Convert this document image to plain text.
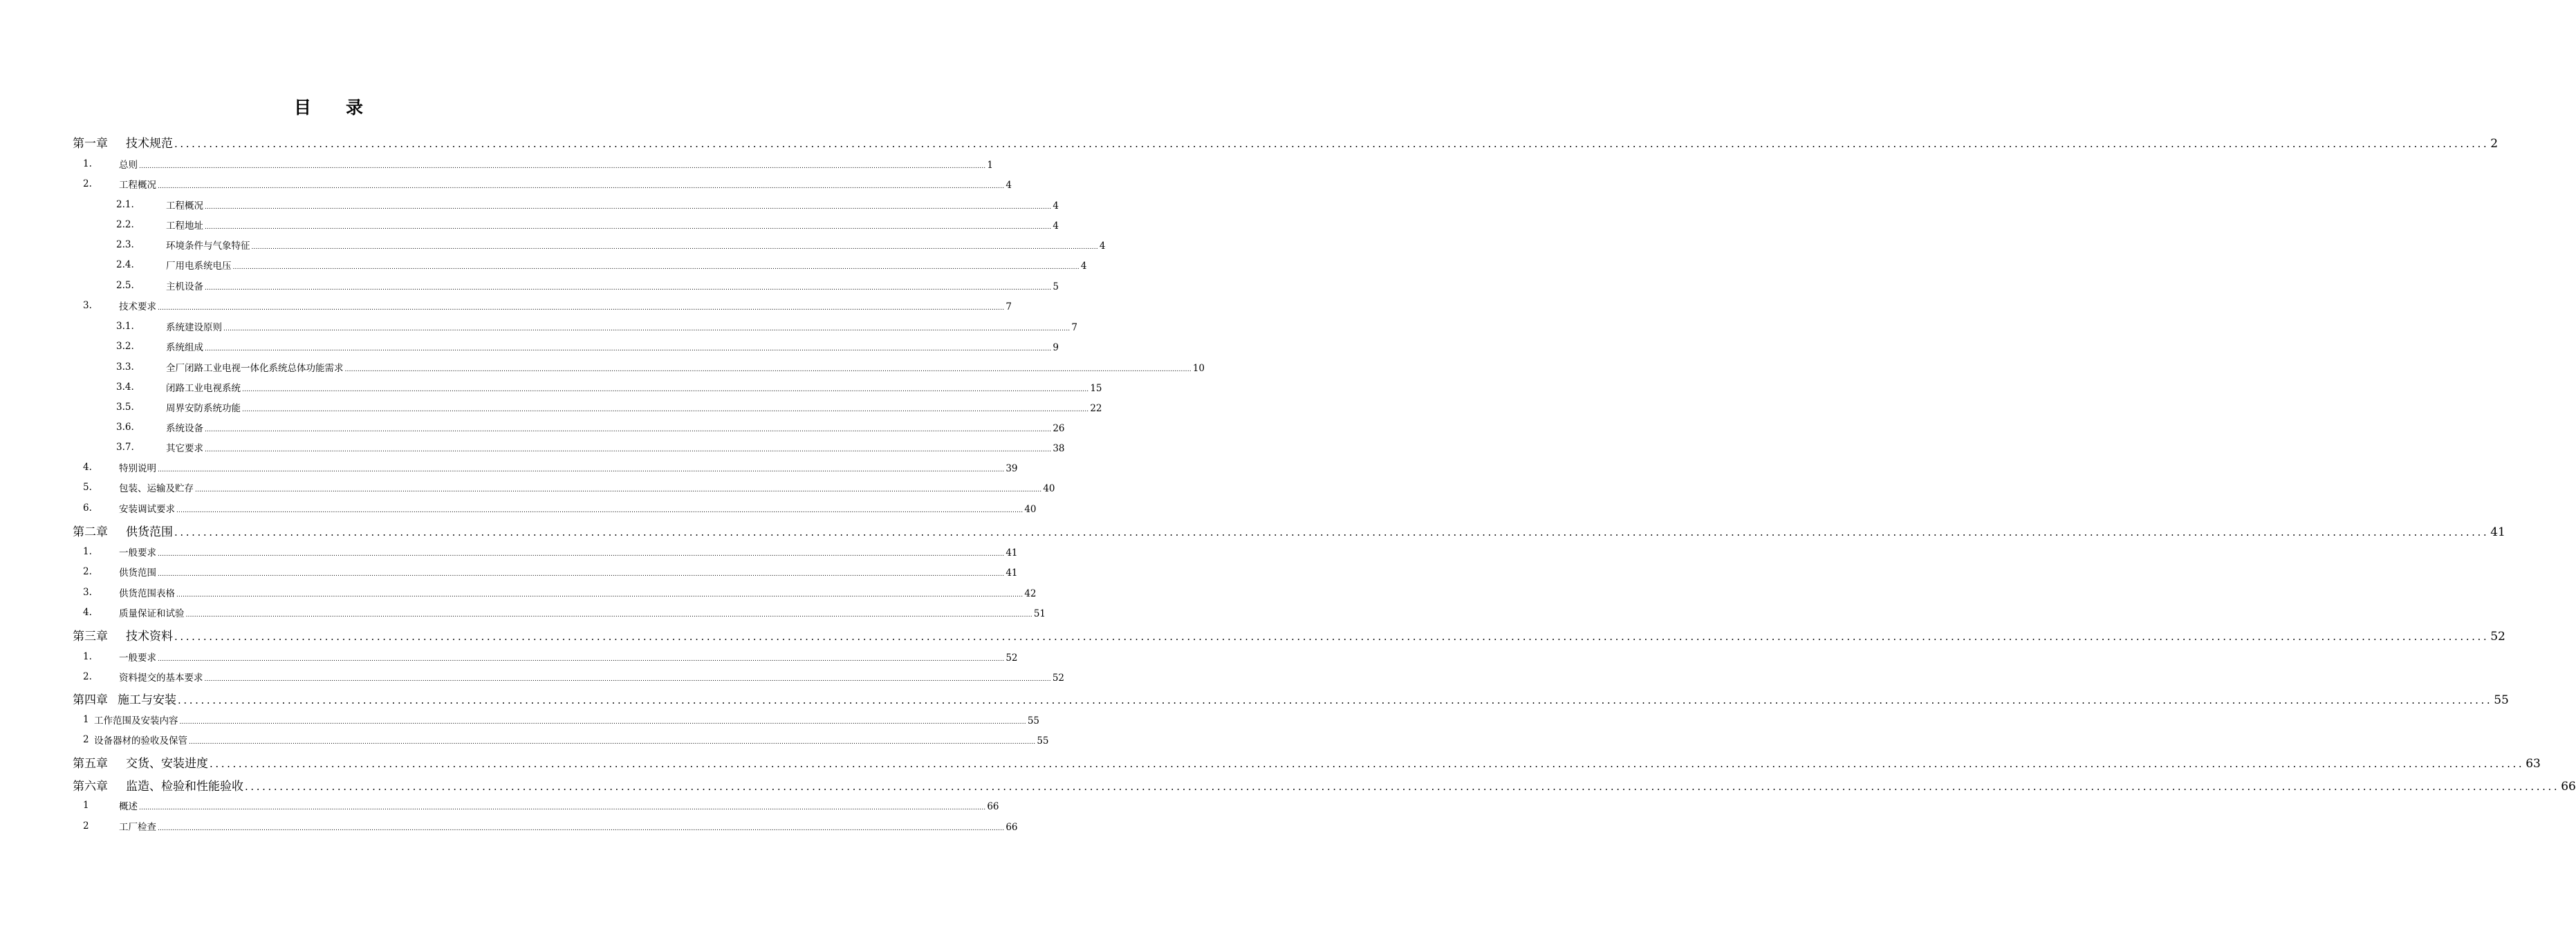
目 录
第一章 技术规范 ................................................................................................................................................................................................................................................................................................................................................................................................................ 2
1.	总则 ................................................................................................................................................................................................................................................................................................................................................................................................................ 1
2.	工程概况 ................................................................................................................................................................................................................................................................................................................................................................................................................ 4
2.1.	工程概况 ................................................................................................................................................................................................................................................................................................................................................................................................................ 4
2.2.	工程地址 ................................................................................................................................................................................................................................................................................................................................................................................................................ 4
2.3.	环境条件与气象特征 ................................................................................................................................................................................................................................................................................................................................................................................................................ 4
2.4.	厂用电系统电压 ................................................................................................................................................................................................................................................................................................................................................................................................................ 4
2.5.	主机设备 ................................................................................................................................................................................................................................................................................................................................................................................................................ 5
3.	技术要求 ................................................................................................................................................................................................................................................................................................................................................................................................................ 7
3.1.	系统建设原则 ................................................................................................................................................................................................................................................................................................................................................................................................................ 7
3.2.	系统组成 ................................................................................................................................................................................................................................................................................................................................................................................................................ 9
3.3.	全厂闭路工业电视一体化系统总体功能需求 ................................................................................................................................................................................................................................................................................................................................................................................................................ 10
3.4.	闭路工业电视系统 ................................................................................................................................................................................................................................................................................................................................................................................................................ 15
3.5.	周界安防系统功能 ................................................................................................................................................................................................................................................................................................................................................................................................................ 22
3.6.	系统设备 ................................................................................................................................................................................................................................................................................................................................................................................................................ 26
3.7.	其它要求 ................................................................................................................................................................................................................................................................................................................................................................................................................ 38
4.	特别说明 ................................................................................................................................................................................................................................................................................................................................................................................................................ 39
5.	包装、运输及贮存 ................................................................................................................................................................................................................................................................................................................................................................................................................ 40
6.	安装调试要求 ................................................................................................................................................................................................................................................................................................................................................................................................................ 40
第二章 供货范围 ................................................................................................................................................................................................................................................................................................................................................................................................................ 41
1.	一般要求 ................................................................................................................................................................................................................................................................................................................................................................................................................ 41
2.	供货范围 ................................................................................................................................................................................................................................................................................................................................................................................................................ 41
3.	供货范围表格 ................................................................................................................................................................................................................................................................................................................................................................................................................ 42
4.	质量保证和试验 ................................................................................................................................................................................................................................................................................................................................................................................................................ 51
第三章 技术资料 ................................................................................................................................................................................................................................................................................................................................................................................................................ 52
1.	一般要求 ................................................................................................................................................................................................................................................................................................................................................................................................................ 52
2.	资料提交的基本要求 ................................................................................................................................................................................................................................................................................................................................................................................................................ 52
第四章 施工与安装 ................................................................................................................................................................................................................................................................................................................................................................................................................ 55
1 工作范围及安装内容 ................................................................................................................................................................................................................................................................................................................................................................................................................ 55
2 设备器材的验收及保管 ................................................................................................................................................................................................................................................................................................................................................................................................................ 55
第五章 交货、安装进度 ................................................................................................................................................................................................................................................................................................................................................................................................................ 63
第六章 监造、检验和性能验收 ................................................................................................................................................................................................................................................................................................................................................................................................................ 66
1	概述 ................................................................................................................................................................................................................................................................................................................................................................................................................ 66
2	工厂检查 ................................................................................................................................................................................................................................................................................................................................................................................................................ 66
